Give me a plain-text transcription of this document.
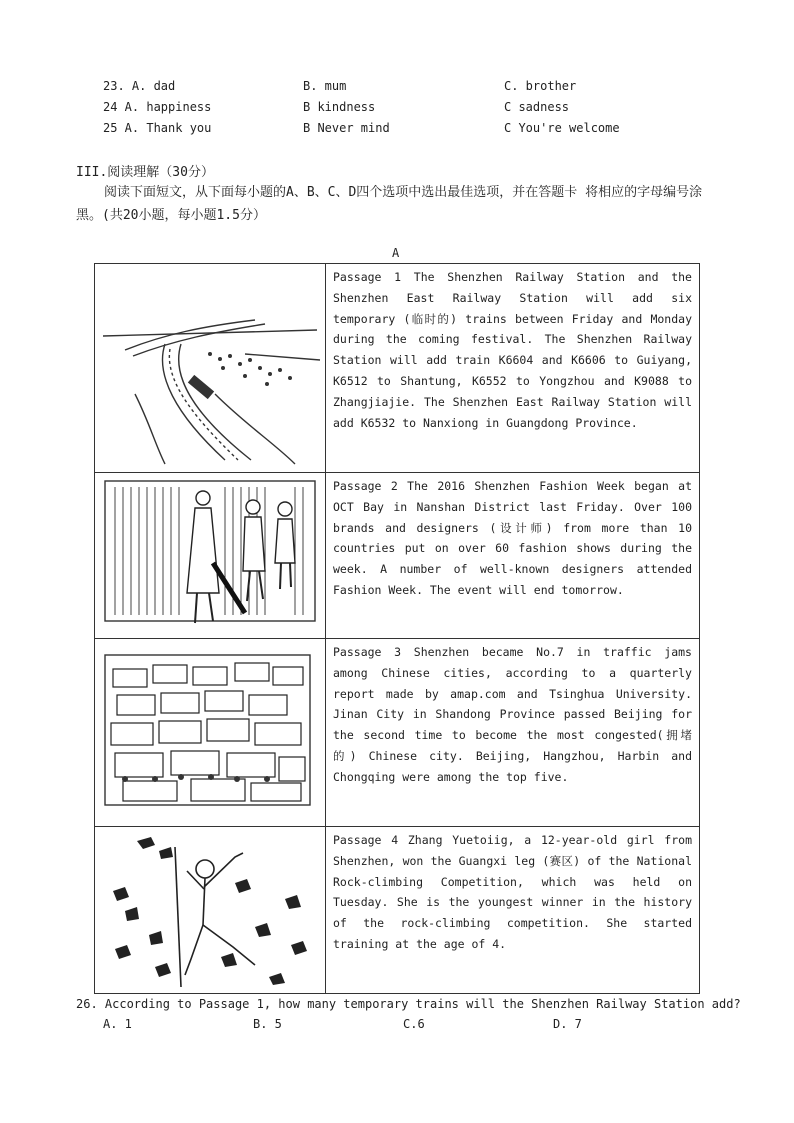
23. A. dad	B. mum	C. brother
24 A. happiness	B kindness	C sadness
25 A. Thank you	B Never mind	C You're welcome
III.阅读理解（30分）
阅读下面短文，从下面每小题的A、B、C、D四个选项中选出最佳选项，并在答题卡 将相应的字母编号涂黑。(共20小题，每小题1.5分）
A
	Passage 1 The Shenzhen Railway Station and the Shenzhen East Railway Station will add six temporary (临时的) trains between Friday and Monday during the coming festival. The Shenzhen Railway Station will add train K6604 and K6606 to Guiyang, K6512 to Shantung, K6552 to Yongzhou and K9088 to Zhangjiajie. The Shenzhen East Railway Station will add K6532 to Nanxiong in Guangdong Province.

	Passage 2 The 2016 Shenzhen Fashion Week began at OCT Bay in Nanshan District last Friday. Over 100 brands and designers (设计师) from more than 10 countries put on over 60 fashion shows during the week. A number of well-known designers attended Fashion Week. The event will end tomorrow.

	Passage 3 Shenzhen became No.7 in traffic jams among Chinese cities, according to a quarterly report made by amap.com and Tsinghua University. Jinan City in Shandong Province passed Beijing for the second time to become the most congested(拥堵 的) Chinese city. Beijing, Hangzhou, Harbin and Chongqing were among the top five.

	Passage 4 Zhang Yuetoiig, a 12-year-old girl from Shenzhen, won the Guangxi leg (赛区) of the National Rock-climbing Competition, which was held on Tuesday. She is the youngest winner in the history of the rock-climbing competition. She started training at the age of 4.
26. According to Passage 1, how many temporary trains will the Shenzhen Railway Station add?
A. 1	B. 5	C.6	D. 7
